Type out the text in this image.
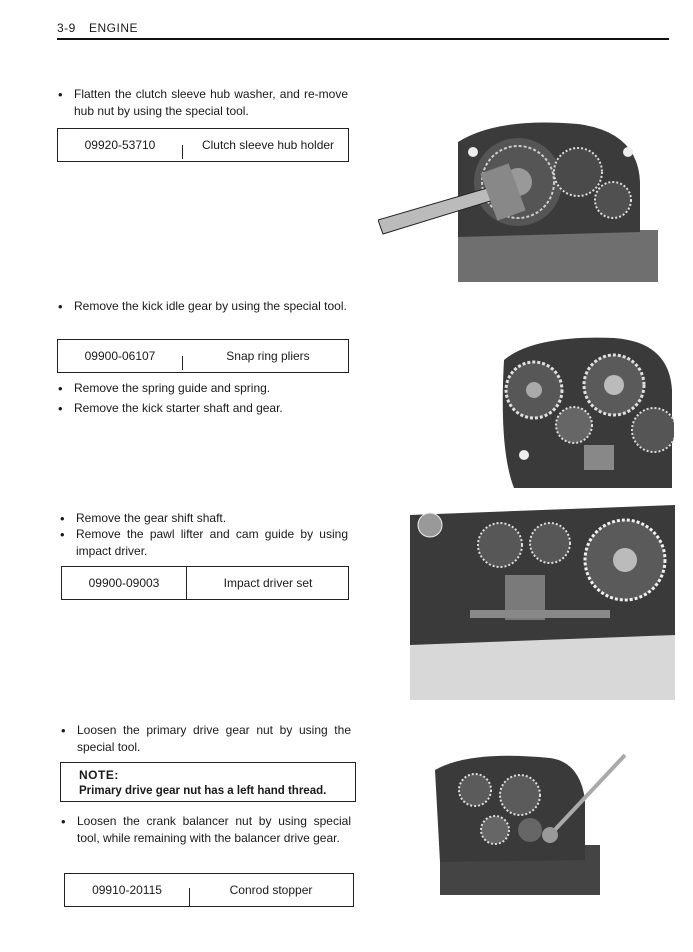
3-9 ENGINE
• Flatten the clutch sleeve hub washer, and re-move hub nut by using the special tool.
09920-53710	Clutch sleeve hub holder
• Remove the kick idle gear by using the special tool.
09900-06107	Snap ring pliers
• Remove the spring guide and spring.
• Remove the kick starter shaft and gear.
• Remove the gear shift shaft.
• Remove the pawl lifter and cam guide by using impact driver.
09900-09003	Impact driver set
• Loosen the primary drive gear nut by using the special tool.
NOTE:
Primary drive gear nut has a left hand thread.
• Loosen the crank balancer nut by using special tool, while remaining with the balancer drive gear.
09910-20115	Conrod stopper
